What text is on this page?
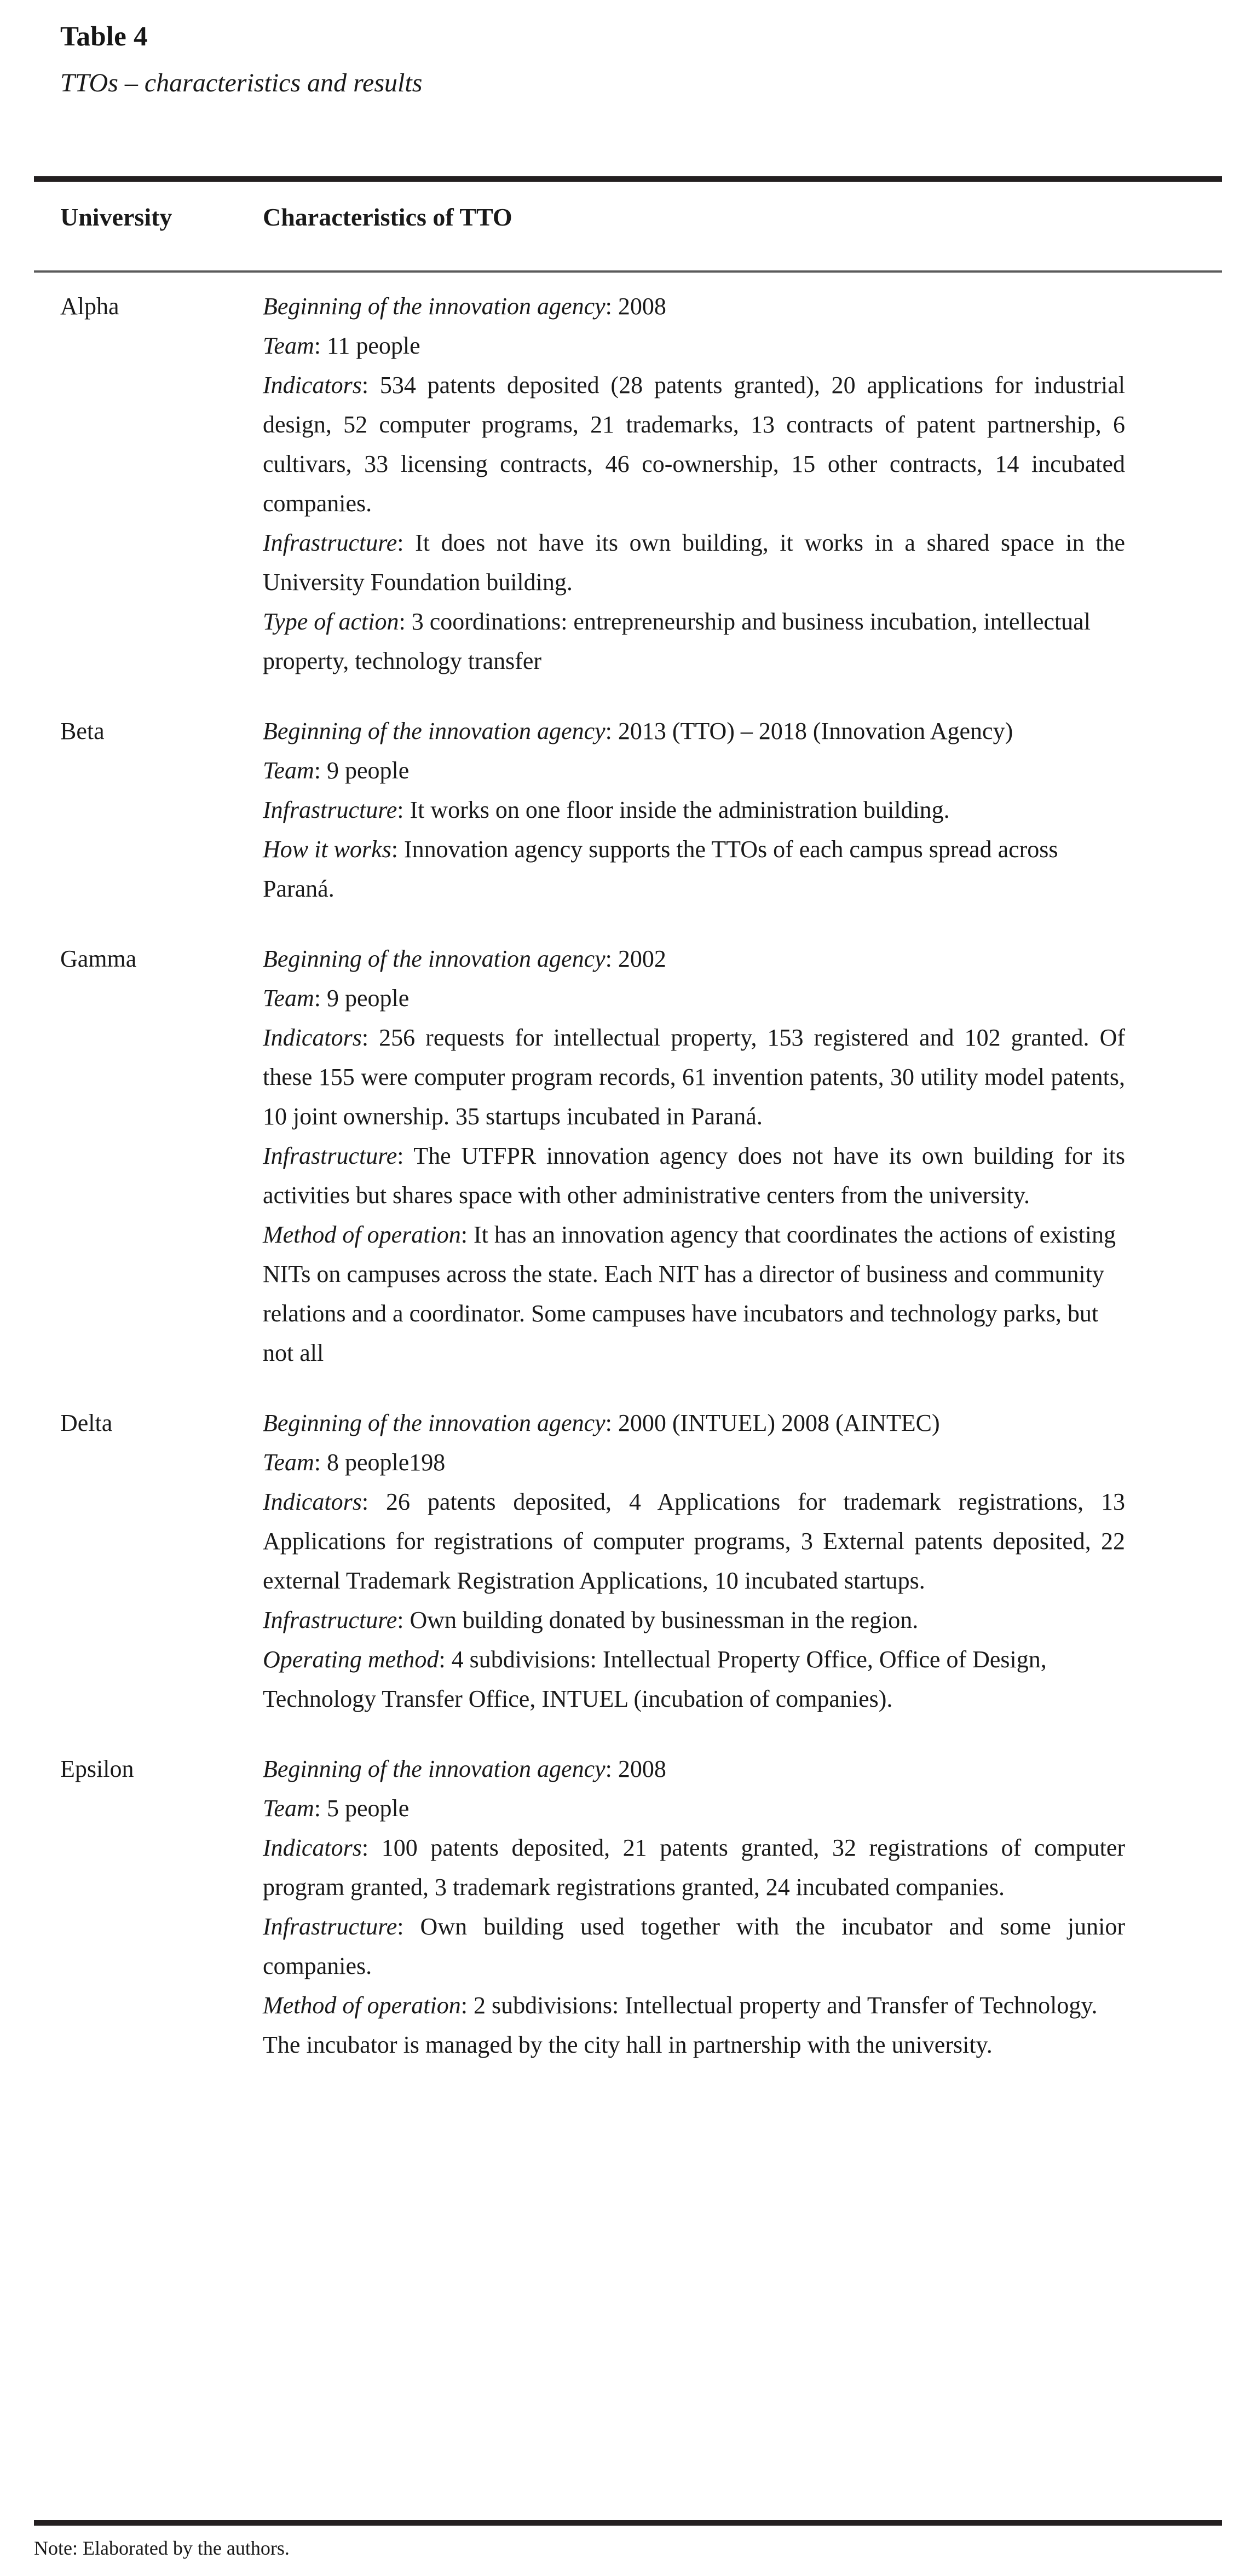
Table 4
TTOs – characteristics and results
University	Characteristics of TTO
Alpha	Beginning of the innovation agency: 2008

Team: 11 people

Indicators: 534 patents deposited (28 patents granted), 20 applications for industrial design, 52 computer programs, 21 trademarks, 13 contracts of patent partnership, 6 cultivars, 33 licensing contracts, 46 co-ownership, 15 other contracts, 14 incubated companies.

Infrastructure: It does not have its own building, it works in a shared space in the University Foundation building.

Type of action: 3 coordinations: entrepreneurship and business incubation, intellectual property, technology transfer

Beta	Beginning of the innovation agency: 2013 (TTO) – 2018 (Innovation Agency)

Team: 9 people

Infrastructure: It works on one floor inside the administration building.

How it works: Innovation agency supports the TTOs of each campus spread across Paraná.

Gamma	Beginning of the innovation agency: 2002

Team: 9 people

Indicators: 256 requests for intellectual property, 153 registered and 102 granted. Of these 155 were computer program records, 61 invention patents, 30 utility model patents, 10 joint ownership. 35 startups incubated in Paraná.

Infrastructure: The UTFPR innovation agency does not have its own building for its activities but shares space with other administrative centers from the university.

Method of operation: It has an innovation agency that coordinates the actions of existing NITs on campuses across the state. Each NIT has a director of business and community relations and a coordinator. Some campuses have incubators and technology parks, but not all

Delta	Beginning of the innovation agency: 2000 (INTUEL) 2008 (AINTEC)

Team: 8 people198

Indicators: 26 patents deposited, 4 Applications for trademark registrations, 13 Applications for registrations of computer programs, 3 External patents deposited, 22 external Trademark Registration Applications, 10 incubated startups.

Infrastructure: Own building donated by businessman in the region.

Operating method: 4 subdivisions: Intellectual Property Office, Office of Design, Technology Transfer Office, INTUEL (incubation of companies).

Epsilon	Beginning of the innovation agency: 2008

Team: 5 people

Indicators: 100 patents deposited, 21 patents granted, 32 registrations of computer program granted, 3 trademark registrations granted, 24 incubated companies.

Infrastructure: Own building used together with the incubator and some junior companies.

Method of operation: 2 subdivisions: Intellectual property and Transfer of Technology. The incubator is managed by the city hall in partnership with the university.

Note: Elaborated by the authors.
